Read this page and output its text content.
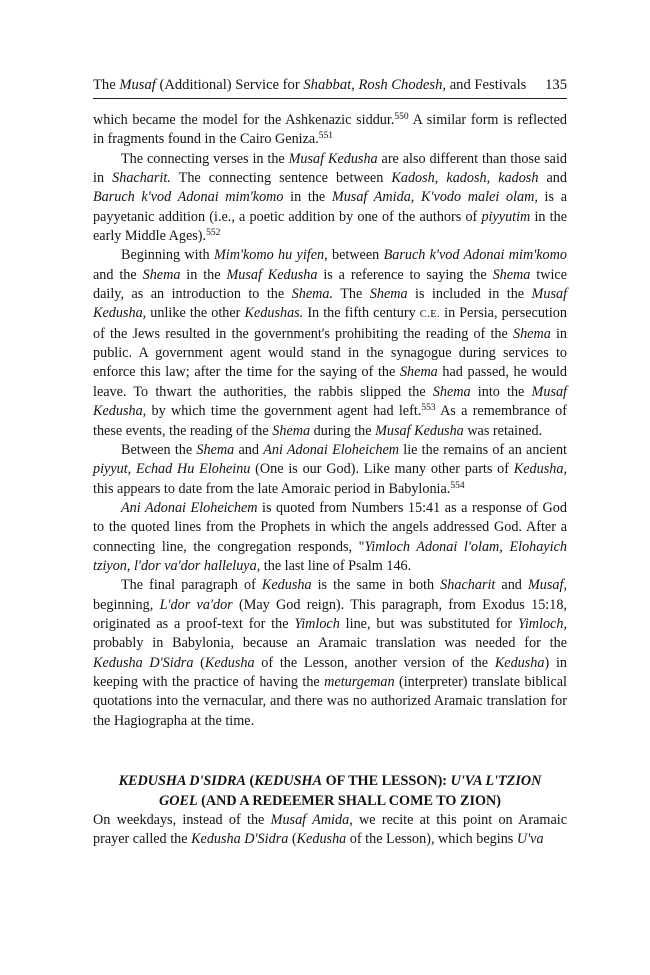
The Musaf (Additional) Service for Shabbat, Rosh Chodesh, and Festivals 135

which became the model for the Ashkenazic siddur.$^{550}$ A similar form is reflected in fragments found in the Cairo Geniza.$^{551}$

The connecting verses in the Musaf Kedusha are also different than those said in Shacharit. The connecting sentence between Kadosh, kadosh, kadosh and Baruch k'vod Adonai mim'komo in the Musaf Amida, K'vodo malei olam, is a payyetanic addition (i.e., a poetic addition by one of the authors of piyyutim in the early Middle Ages).$^{552}$

Beginning with Mim'komo hu yifen, between Baruch k'vod Adonai mim'komo and the Shema in the Musaf Kedusha is a reference to saying the Shema twice daily, as an introduction to the Shema. The Shema is included in the Musaf Kedusha, unlike the other Kedushas. In the fifth century C.E. in Persia, persecution of the Jews resulted in the government's prohibiting the reading of the Shema in public. A government agent would stand in the synagogue during services to enforce this law; after the time for the saying of the Shema had passed, he would leave. To thwart the authorities, the rabbis slipped the Shema into the Musaf Kedusha, by which time the government agent had left.$^{553}$ As a remembrance of these events, the reading of the Shema during the Musaf Kedusha was retained.

Between the Shema and Ani Adonai Eloheichem lie the remains of an ancient piyyut, Echad Hu Eloheinu (One is our God). Like many other parts of Kedusha, this appears to date from the late Amoraic period in Babylonia.$^{554}$

Ani Adonai Eloheichem is quoted from Numbers 15:41 as a response of God to the quoted lines from the Prophets in which the angels addressed God. After a connecting line, the congregation responds, "Yimloch Adonai l'olam, Elohayich tziyon, l'dor va'dor halleluya, the last line of Psalm 146.

The final paragraph of Kedusha is the same in both Shacharit and Musaf, beginning, L'dor va'dor (May God reign). This paragraph, from Exodus 15:18, originated as a proof-text for the Yimloch line, but was substituted for Yimloch, probably in Babylonia, because an Aramaic translation was needed for the Kedusha D'Sidra (Kedusha of the Lesson, another version of the Kedusha) in keeping with the practice of having the meturgeman (interpreter) translate biblical quotations into the vernacular, and there was no authorized Aramaic translation for the Hagiographa at the time.

KEDUSHA D'SIDRA (KEDUSHA OF THE LESSON): U'VA L'TZION GOEL (AND A REDEEMER SHALL COME TO ZION)

On weekdays, instead of the Musaf Amida, we recite at this point on Aramaic prayer called the Kedusha D'Sidra (Kedusha of the Lesson), which begins U'va
